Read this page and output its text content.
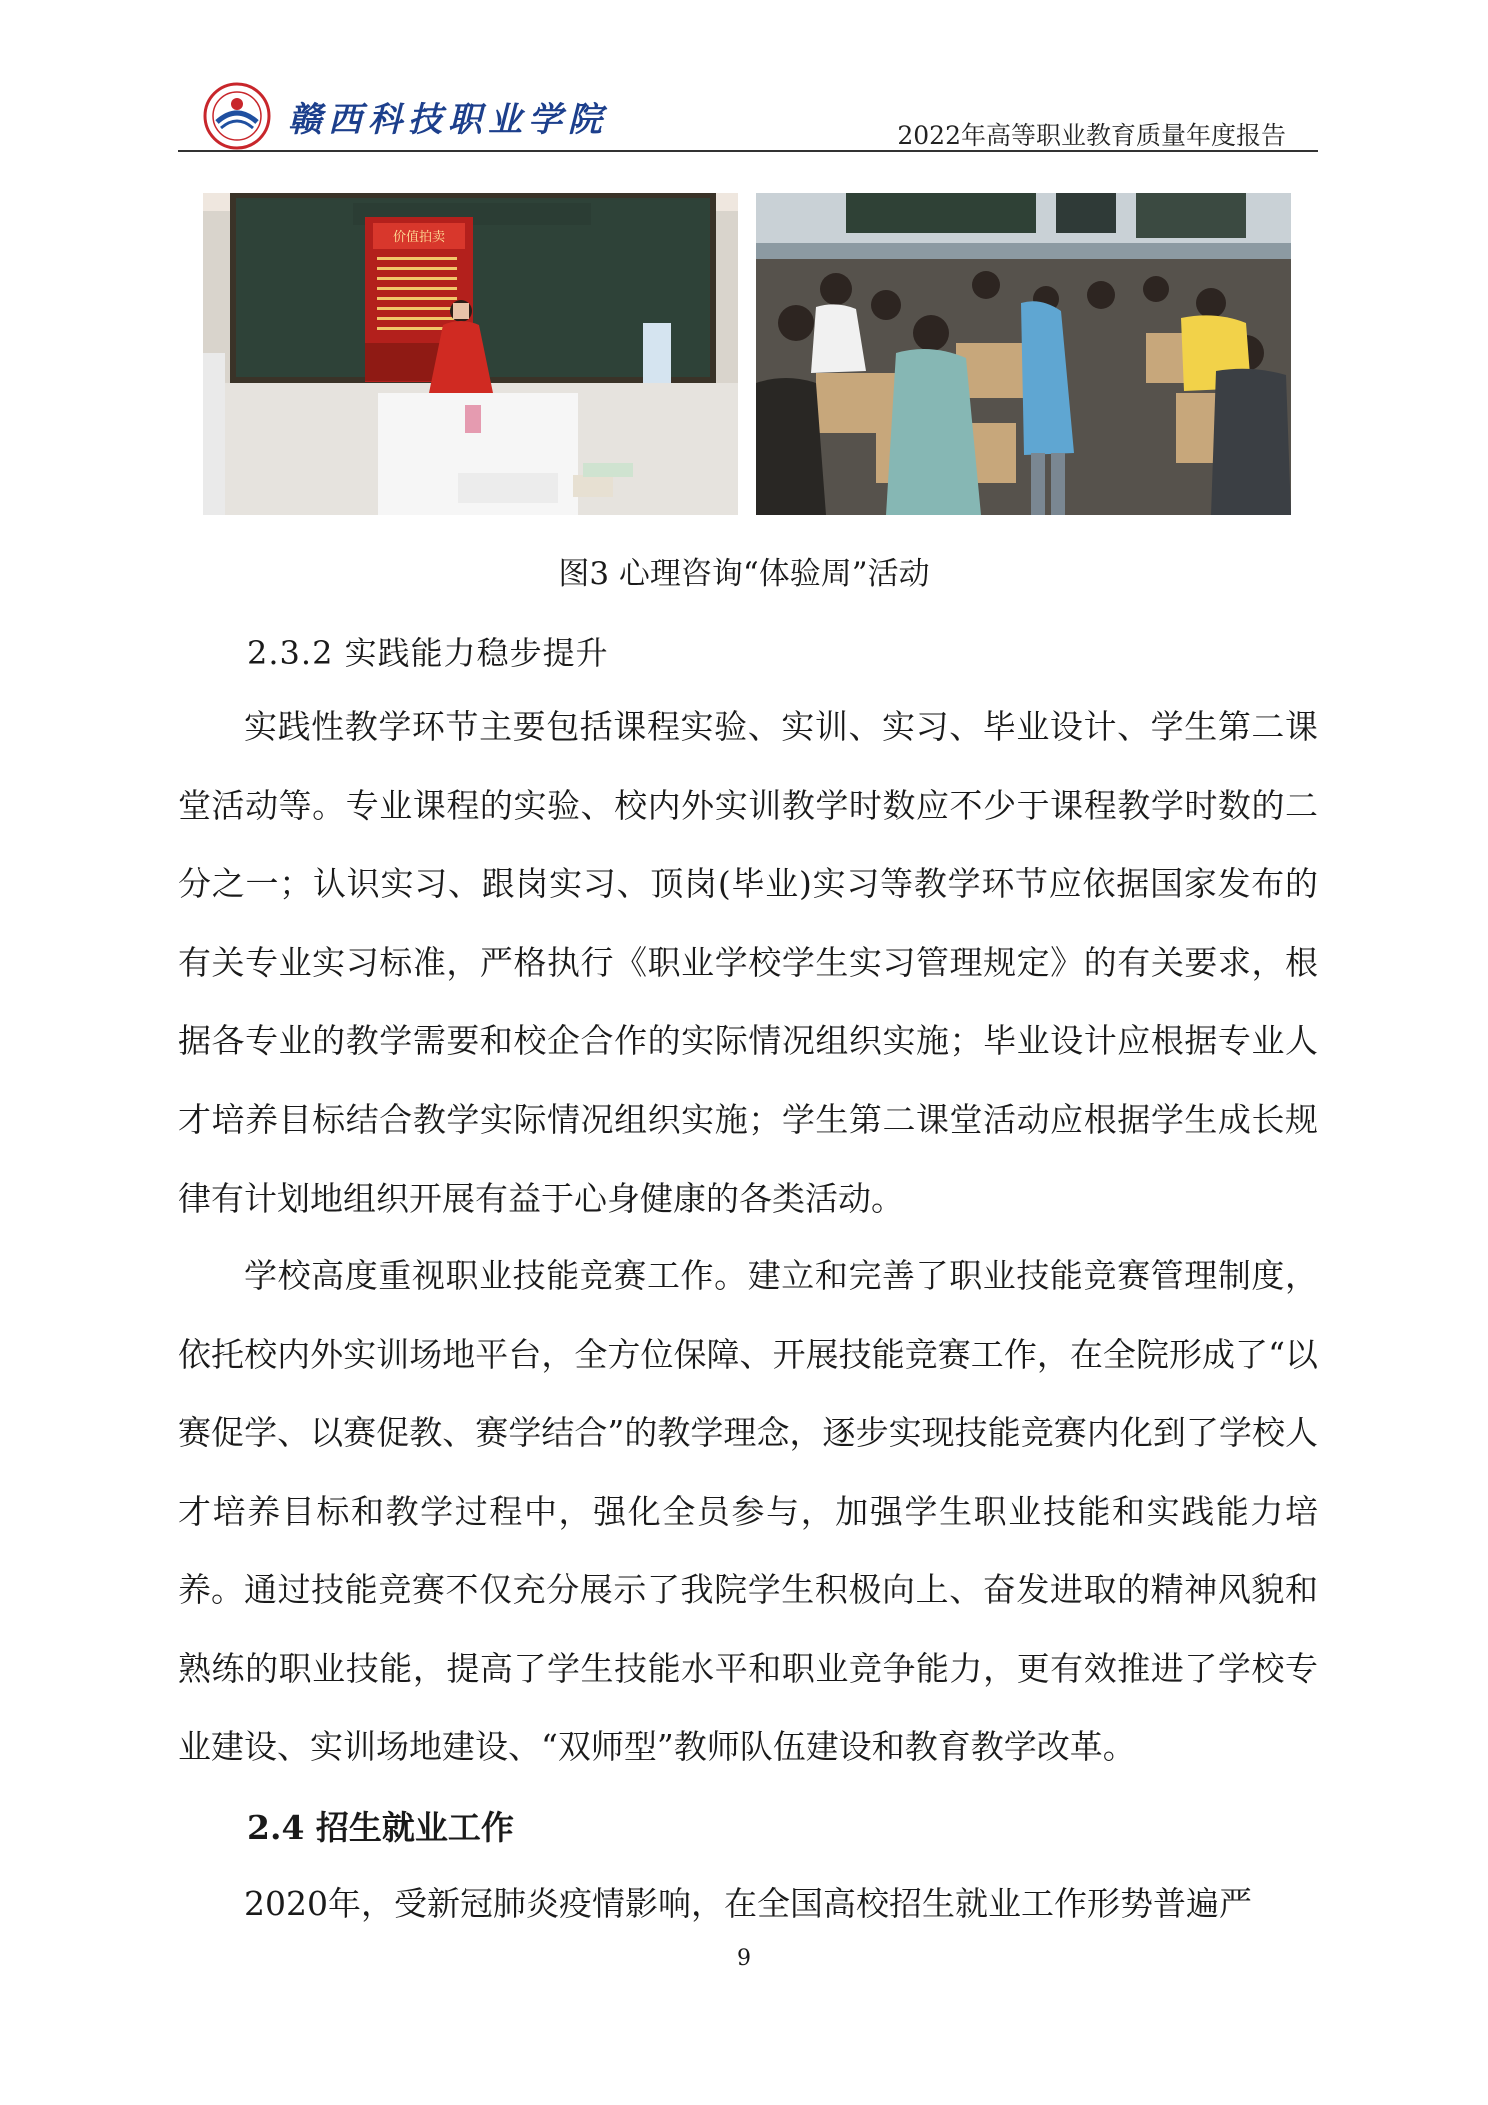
赣西科技职业学院	2022年高等职业教育质量年度报告
价值拍卖
图3 心理咨询“体验周”活动
2.3.2 实践能力稳步提升

实践性教学环节主要包括课程实验、实训、实习、毕业设计、学生第二课堂活动等。专业课程的实验、校内外实训教学时数应不少于课程教学时数的二分之一；认识实习、跟岗实习、顶岗(毕业)实习等教学环节应依据国家发布的有关专业实习标准，严格执行《职业学校学生实习管理规定》的有关要求，根据各专业的教学需要和校企合作的实际情况组织实施；毕业设计应根据专业人才培养目标结合教学实际情况组织实施；学生第二课堂活动应根据学生成长规律有计划地组织开展有益于心身健康的各类活动。

学校高度重视职业技能竞赛工作。建立和完善了职业技能竞赛管理制度，依托校内外实训场地平台，全方位保障、开展技能竞赛工作，在全院形成了“以赛促学、以赛促教、赛学结合”的教学理念，逐步实现技能竞赛内化到了学校人才培养目标和教学过程中，强化全员参与，加强学生职业技能和实践能力培养。 通过技能竞赛不仅充分展示了我院学生积极向上、奋发进取的精神风貌和熟练的职业技能，提高了学生技能水平和职业竞争能力，更有效推进了学校专业建设、实训场地建设、“双师型”教师队伍建设和教育教学改革。

2.4 招生就业工作

2020年，受新冠肺炎疫情影响，在全国高校招生就业工作形势普遍严

9
